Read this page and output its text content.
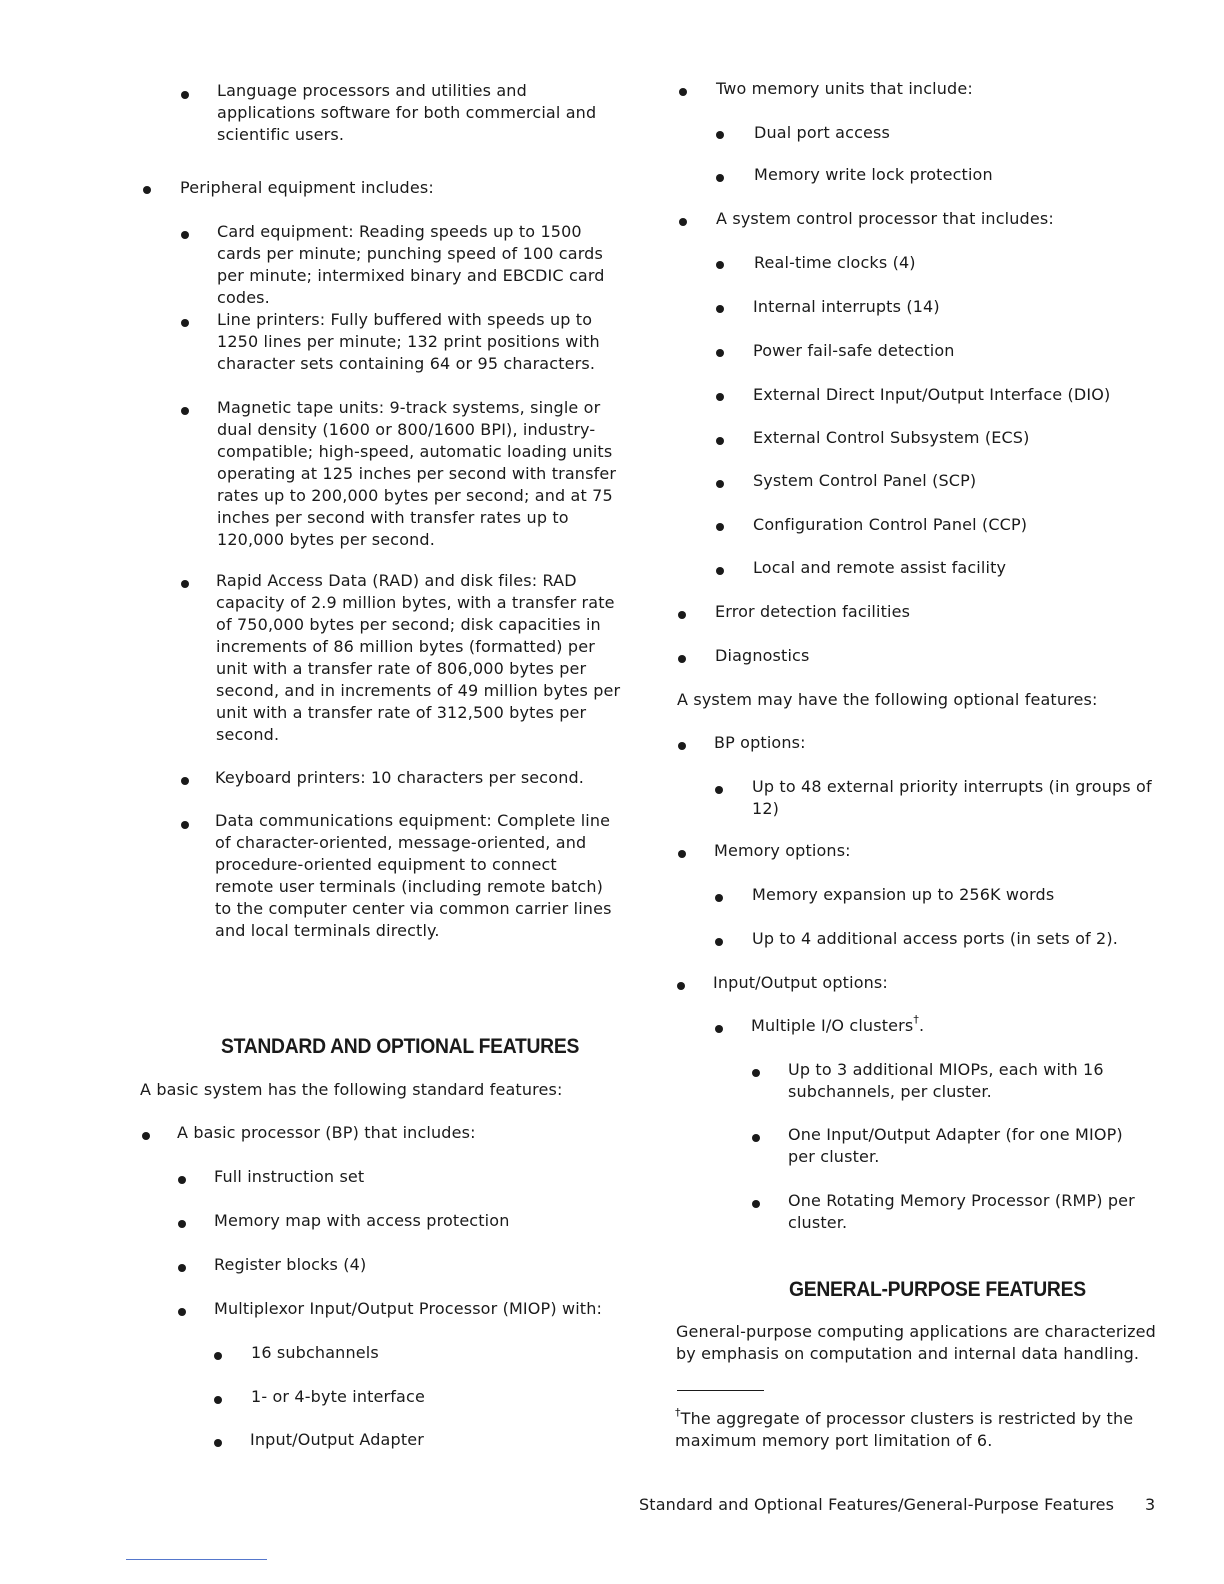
Language processors and utilities and applications software for both commercial and scientific users.

Peripheral equipment includes:

Card equipment: Reading speeds up to 1500 cards per minute; punching speed of 100 cards per minute; intermixed binary and EBCDIC card codes.

Line printers: Fully buffered with speeds up to 1250 lines per minute; 132 print positions with character sets containing 64 or 95 characters.

Magnetic tape units: 9-track systems, single or dual density (1600 or 800/1600 BPI), industry-compatible; high-speed, automatic loading units operating at 125 inches per second with transfer rates up to 200,000 bytes per second; and at 75 inches per second with transfer rates up to 120,000 bytes per second.

Rapid Access Data (RAD) and disk files: RAD capacity of 2.9 million bytes, with a transfer rate of 750,000 bytes per second; disk capacities in increments of 86 million bytes (formatted) per unit with a transfer rate of 806,000 bytes per second, and in increments of 49 million bytes per unit with a transfer rate of 312,500 bytes per second.

Keyboard printers: 10 characters per second.

Data communications equipment: Complete line of character-oriented, message-oriented, and procedure-oriented equipment to connect remote user terminals (including remote batch) to the computer center via common carrier lines and local terminals directly.

STANDARD AND OPTIONAL FEATURES

A basic system has the following standard features:

A basic processor (BP) that includes:

Full instruction set

Memory map with access protection

Register blocks (4)

Multiplexor Input/Output Processor (MIOP) with:

16 subchannels

1- or 4-byte interface

Input/Output Adapter

Two memory units that include:

Dual port access

Memory write lock protection

A system control processor that includes:

Real-time clocks (4)

Internal interrupts (14)

Power fail-safe detection

External Direct Input/Output Interface (DIO)

External Control Subsystem (ECS)

System Control Panel (SCP)

Configuration Control Panel (CCP)

Local and remote assist facility

Error detection facilities

Diagnostics

A system may have the following optional features:

BP options:

Up to 48 external priority interrupts (in groups of 12)

Memory options:

Memory expansion up to 256K words

Up to 4 additional access ports (in sets of 2).

Input/Output options:

Multiple I/O clusters†.

Up to 3 additional MIOPs, each with 16 subchannels, per cluster.

One Input/Output Adapter (for one MIOP) per cluster.

One Rotating Memory Processor (RMP) per cluster.

GENERAL-PURPOSE FEATURES

General-purpose computing applications are characterized by emphasis on computation and internal data handling.

†The aggregate of processor clusters is restricted by the maximum memory port limitation of 6.

Standard and Optional Features/General-Purpose Features 3
